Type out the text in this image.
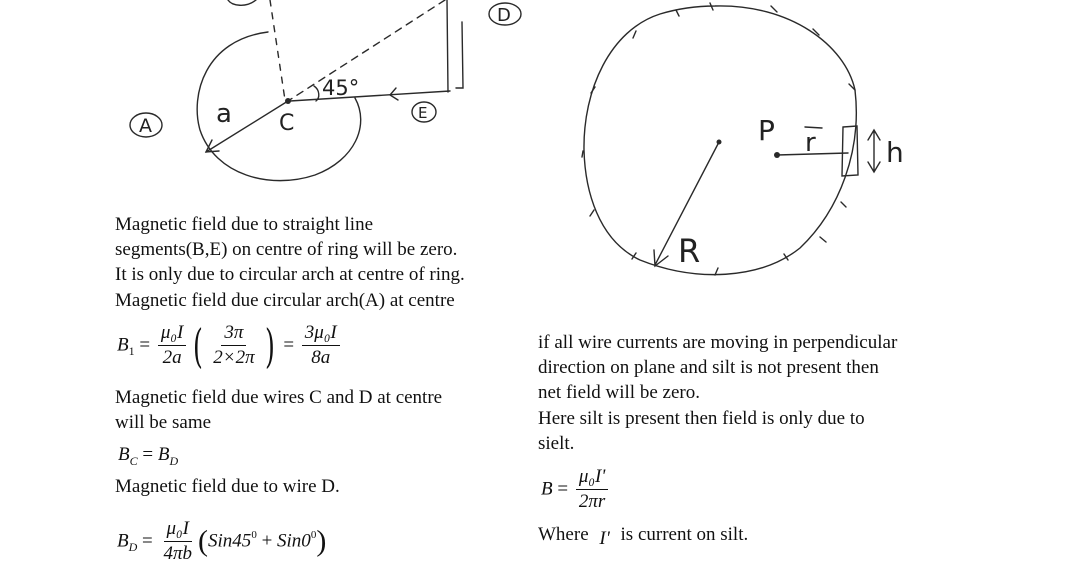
A a C
D
E
45°
P r	h
R
Magnetic field due to straight line
segments(B,E) on centre of ring will be zero.
It is only due to circular arch at centre of ring.
Magnetic field due circular arch(A) at centre
$B_1 = \frac{\text{μ₀I}}{2a}$ ( $\frac{3\pi}{2\times 2\pi}$ ) = $\frac{\text{3μ₀I}}{8a}$
Magnetic field due wires C and D at centre
will be same
$B_C = B_D$
Magnetic field due to wire D.
$B_D = \frac{\text{μ₀I}}{4\pi b} (Sin45^0 + Sin0^0)$
if all wire currents are moving in perpendicular
direction on plane and silt is not present then
net field will be zero.
Here silt is present then field is only due to
sielt.
$B = \frac{\text{μ₀I'}}{2\pi r}$
Where I' is current on silt.
